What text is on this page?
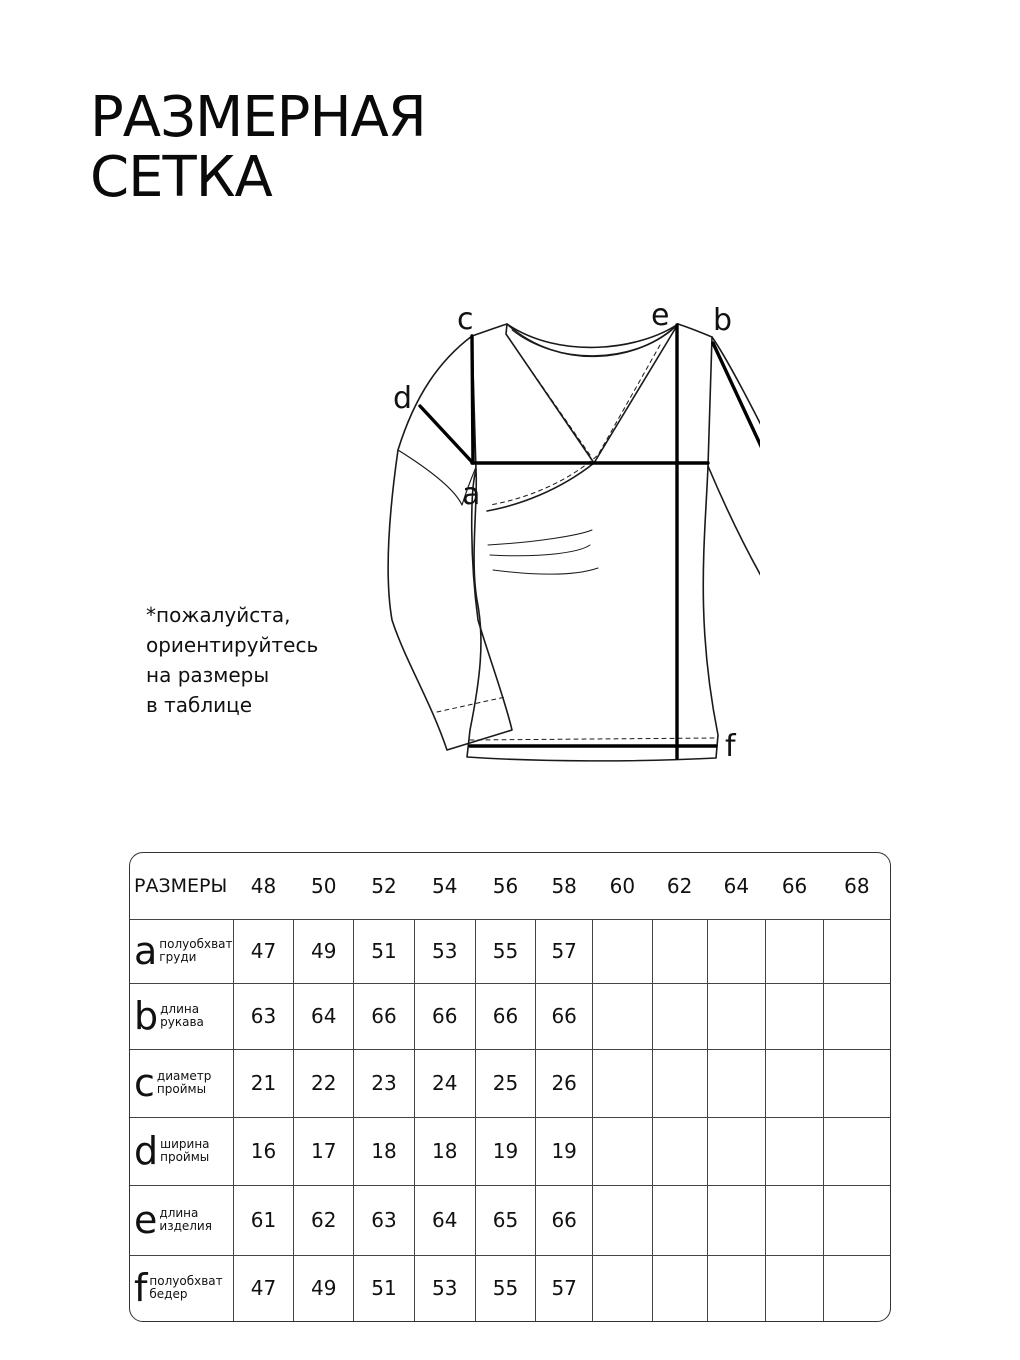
РАЗМЕРНАЯ
СЕТКА
*пожалуйста,
ориентируйтесь
на размеры
в таблице
c	e b
d
a
f
РАЗМЕРЫ	48	50	52	54	56	58	60	62	64	66	68
a полуобхват
груди	47	49	51	53	55	57					
b длина
рукава	63	64	66	66	66	66					
c диаметр
проймы	21	22	23	24	25	26					
d ширина
проймы	16	17	18	18	19	19					
e длина
изделия	61	62	63	64	65	66					
f полуобхват
бедер	47	49	51	53	55	57					
